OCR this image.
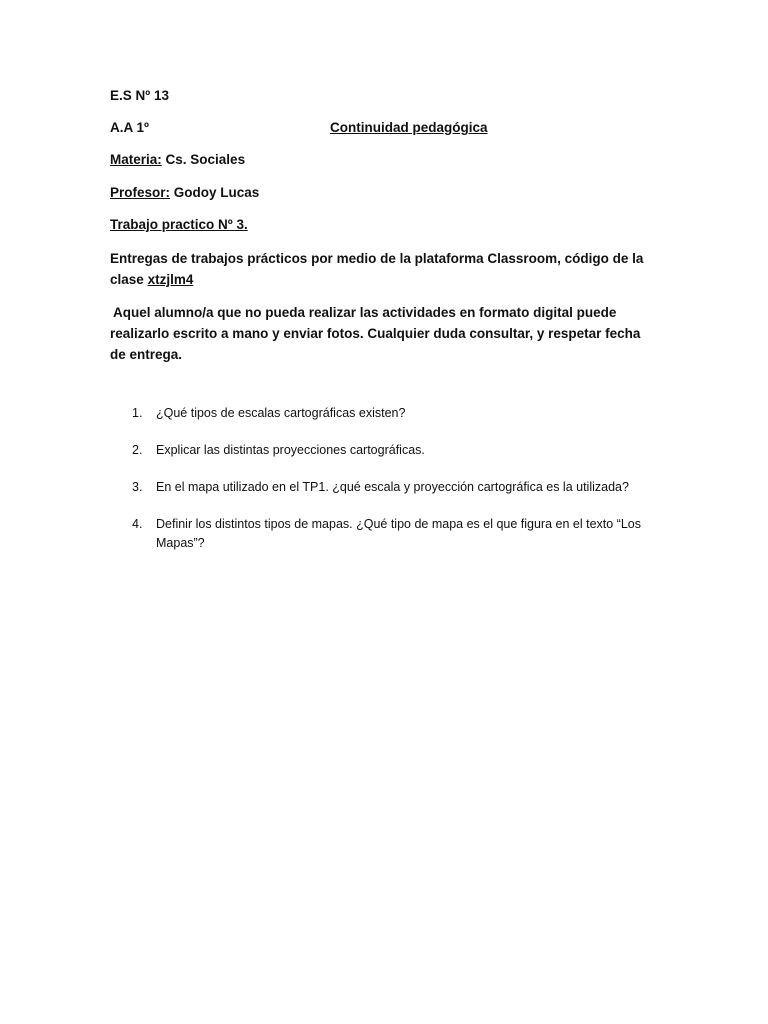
E.S Nº 13
A.A 1º	Continuidad pedagógica
Materia: Cs. Sociales
Profesor: Godoy Lucas
Trabajo practico Nº 3.
Entregas de trabajos prácticos por medio de la plataforma Classroom, código de la clase xtzjlm4
Aquel alumno/a que no pueda realizar las actividades en formato digital puede realizarlo escrito a mano y enviar fotos. Cualquier duda consultar, y respetar fecha de entrega.
1. ¿Qué tipos de escalas cartográficas existen?
2. Explicar las distintas proyecciones cartográficas.
3. En el mapa utilizado en el TP1. ¿qué escala y proyección cartográfica es la utilizada?
4. Definir los distintos tipos de mapas. ¿Qué tipo de mapa es el que figura en el texto “Los Mapas”?
